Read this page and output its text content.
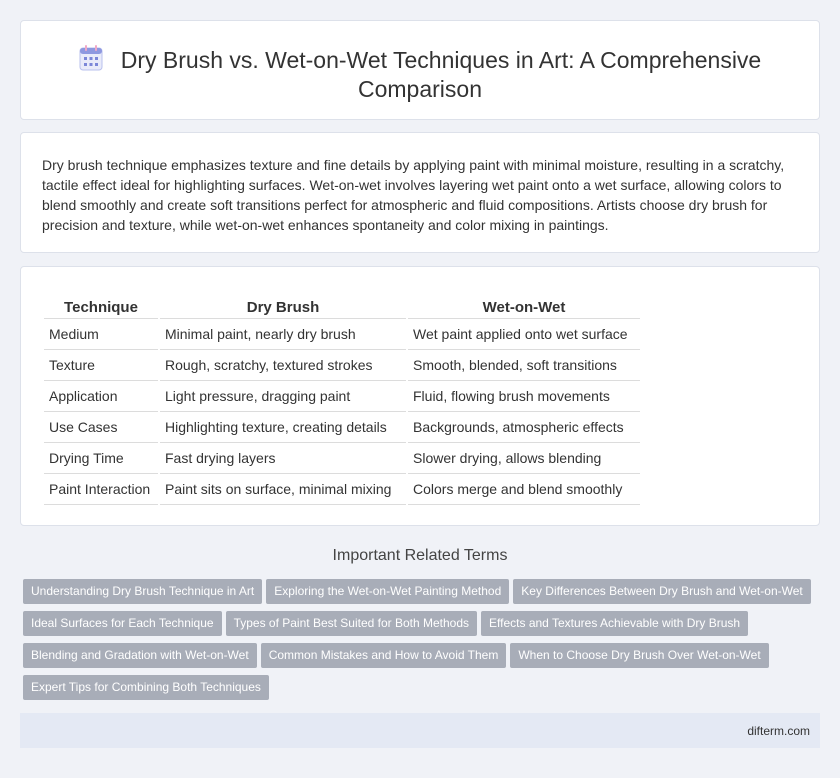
Dry Brush vs. Wet-on-Wet Techniques in Art: A Comprehensive
Comparison

Dry brush technique emphasizes texture and fine details by applying paint with minimal moisture, resulting in a scratchy, tactile effect ideal for highlighting surfaces. Wet-on-wet involves layering wet paint onto a wet surface, allowing colors to blend smoothly and create soft transitions perfect for atmospheric and fluid compositions. Artists choose dry brush for precision and texture, while wet-on-wet enhances spontaneity and color mixing in paintings.

Technique	Dry Brush	Wet-on-Wet
Medium	Minimal paint, nearly dry brush	Wet paint applied onto wet surface
Texture	Rough, scratchy, textured strokes	Smooth, blended, soft transitions
Application	Light pressure, dragging paint	Fluid, flowing brush movements
Use Cases	Highlighting texture, creating details	Backgrounds, atmospheric effects
Drying Time	Fast drying layers	Slower drying, allows blending
Paint Interaction	Paint sits on surface, minimal mixing	Colors merge and blend smoothly
Important Related Terms
Understanding Dry Brush Technique in Art Exploring the Wet-on-Wet Painting Method Key Differences Between Dry Brush and Wet-on-Wet
Ideal Surfaces for Each Technique Types of Paint Best Suited for Both Methods Effects and Textures Achievable with Dry Brush
Blending and Gradation with Wet-on-Wet Common Mistakes and How to Avoid Them When to Choose Dry Brush Over Wet-on-Wet
Expert Tips for Combining Both Techniques
difterm.com
